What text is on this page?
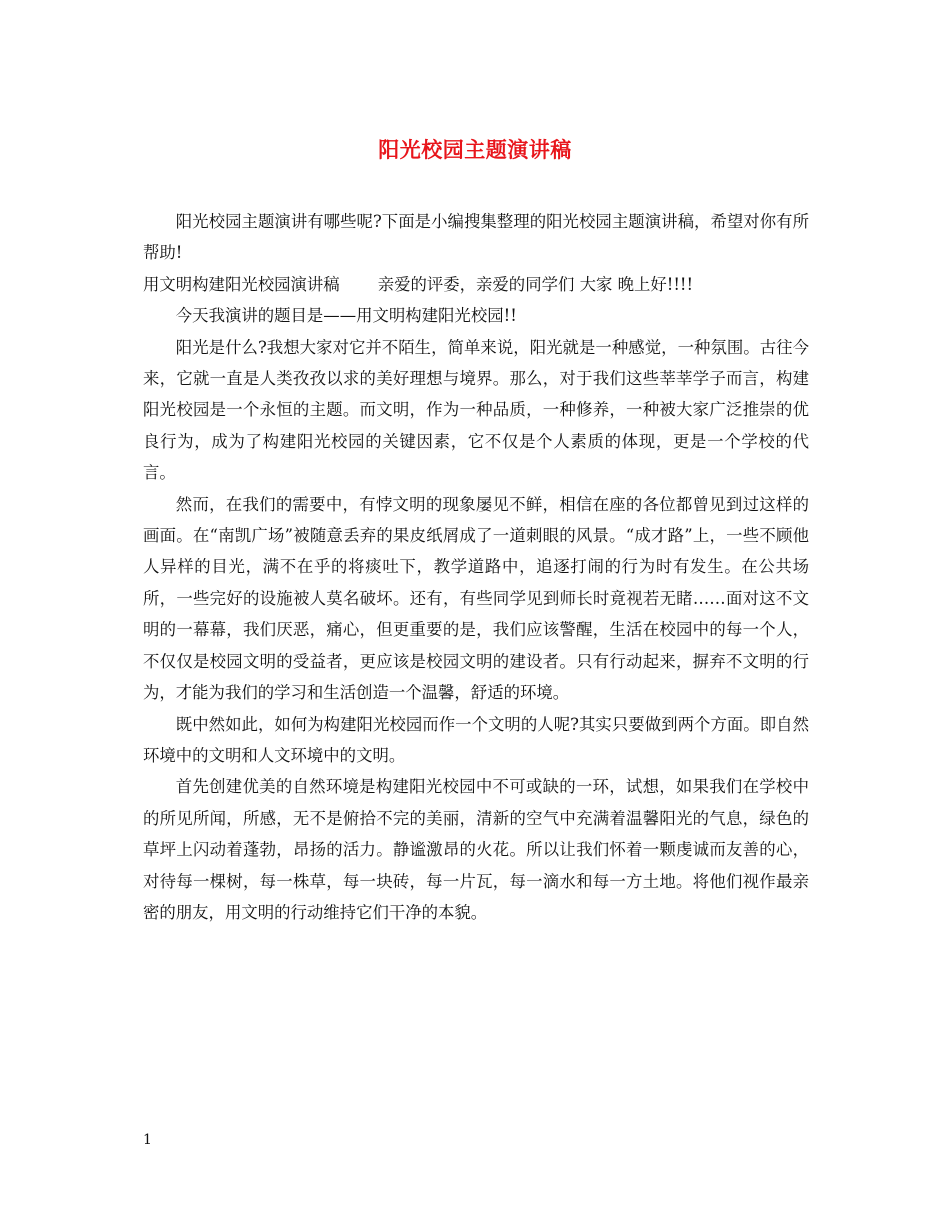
阳光校园主题演讲稿

阳光校园主题演讲有哪些呢?下面是小编搜集整理的阳光校园主题演讲稿，希望对你有所帮助!

用文明构建阳光校园演讲稿 亲爱的评委，亲爱的同学们 大家 晚上好!!!!

今天我演讲的题目是——用文明构建阳光校园!!

阳光是什么?我想大家对它并不陌生，简单来说，阳光就是一种感觉，一种氛围。古往今来，它就一直是人类孜孜以求的美好理想与境界。那么，对于我们这些莘莘学子而言，构建阳光校园是一个永恒的主题。而文明，作为一种品质，一种修养，一种被大家广泛推崇的优良行为，成为了构建阳光校园的关键因素，它不仅是个人素质的体现，更是一个学校的代言。

然而，在我们的需要中，有悖文明的现象屡见不鲜，相信在座的各位都曾见到过这样的画面。在“南凯广场”被随意丢弃的果皮纸屑成了一道刺眼的风景。“成才路”上，一些不顾他人异样的目光，满不在乎的将痰吐下，教学道路中，追逐打闹的行为时有发生。在公共场所，一些完好的设施被人莫名破坏。还有，有些同学见到师长时竟视若无睹……面对这不文明的一幕幕，我们厌恶，痛心，但更重要的是，我们应该警醒，生活在校园中的每一个人，不仅仅是校园文明的受益者，更应该是校园文明的建设者。只有行动起来，摒弃不文明的行为，才能为我们的学习和生活创造一个温馨，舒适的环境。

既中然如此，如何为构建阳光校园而作一个文明的人呢?其实只要做到两个方面。即自然环境中的文明和人文环境中的文明。

首先创建优美的自然环境是构建阳光校园中不可或缺的一环，试想，如果我们在学校中的所见所闻，所感，无不是俯拾不完的美丽，清新的空气中充满着温馨阳光的气息，绿色的草坪上闪动着蓬勃，昂扬的活力。静谧激昂的火花。所以让我们怀着一颗虔诚而友善的心，对待每一棵树，每一株草，每一块砖，每一片瓦，每一滴水和每一方土地。将他们视作最亲密的朋友，用文明的行动维持它们干净的本貌。

1
